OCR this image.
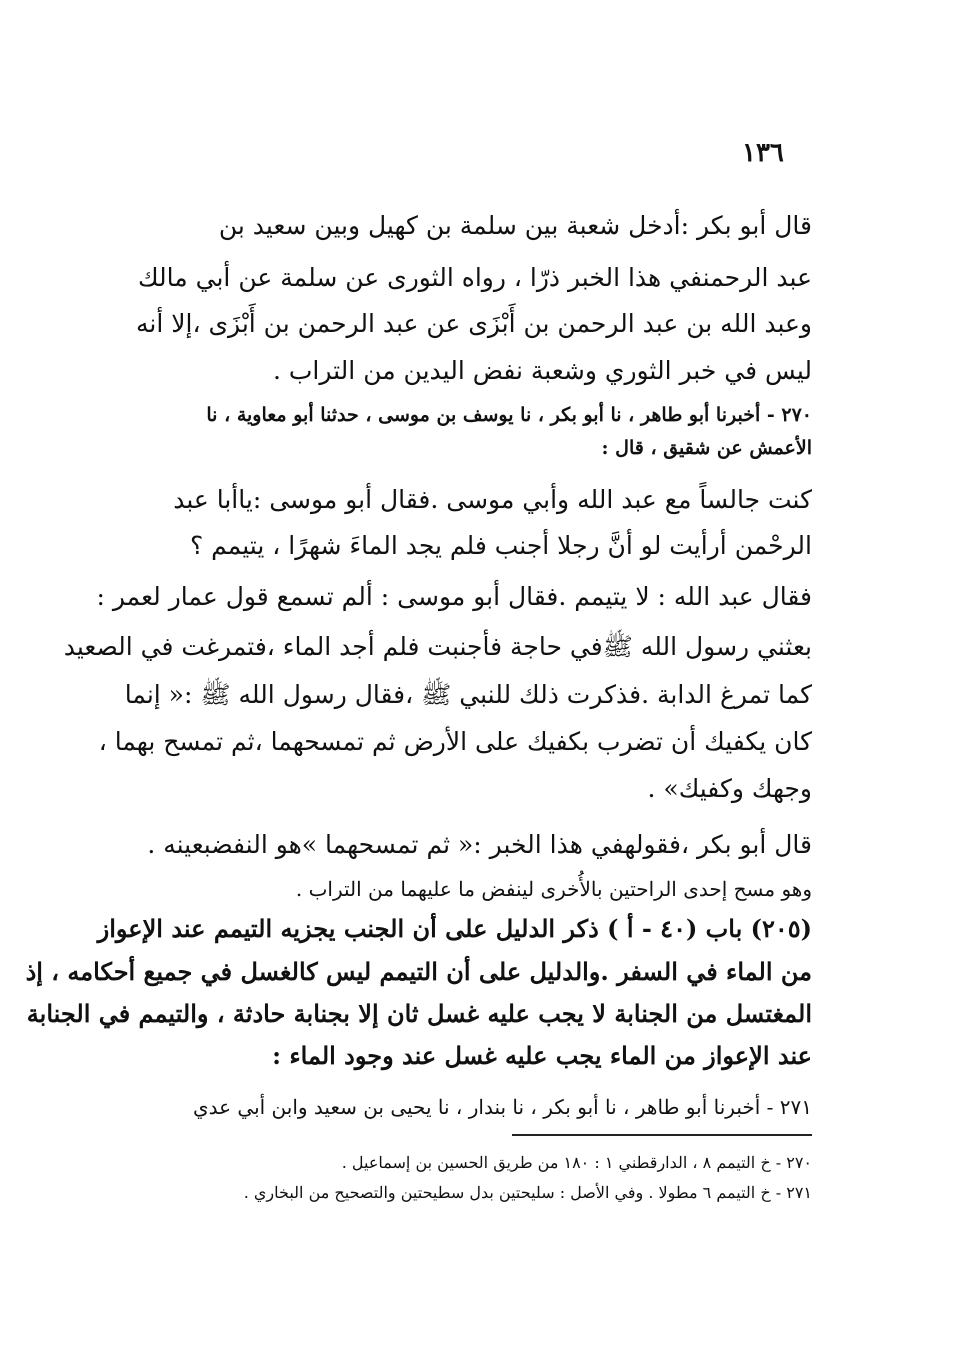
١٣٦
قال أبو بكر :أدخل شعبة بين سلمة بن كهيل وبين سعيد بن
عبد الرحمنفي هذا الخبر ذرّا ، رواه الثورى عن سلمة عن أبي مالك
وعبد الله بن عبد الرحمن بن أَبْزَى عن عبد الرحمن بن أَبْزَى ،إلا أنه
ليس في خبر الثوري وشعبة نفض اليدين من التراب .
٢٧٠ - أخبرنا أبو طاهر ، نا أبو بكر ، نا يوسف بن موسى ، حدثنا أبو معاوية ، نا
الأعمش عن شقيق ، قال :
كنت جالساً مع عبد الله وأبي موسى .فقال أبو موسى :ياأبا عبد
الرحْمن أرأيت لو أنَّ رجلا أجنب فلم يجد الماءَ شهرًا ، يتيمم ؟
فقال عبد الله : لا يتيمم .فقال أبو موسى : ألم تسمع قول عمار لعمر :
بعثني رسول الله ﷺفي حاجة فأجنبت فلم أجد الماء ،فتمرغت في الصعيد
كما تمرغ الدابة .فذكرت ذلك للنبي ﷺ ،فقال رسول الله ﷺ :« إنما
كان يكفيك أن تضرب بكفيك على الأرض ثم تمسحهما ،ثم تمسح بهما ،
وجهك وكفيك» .
قال أبو بكر ،فقولهفي هذا الخبر :« ثم تمسحهما »هو النفضبعينه .
وهو مسح إحدى الراحتين بالأُخرى لينفض ما عليهما من التراب .
(٢٠٥) باب (٤٠ - أ ) ذكر الدليل على أن الجنب يجزيه التيمم عند الإعواز
من الماء في السفر .والدليل على أن التيمم ليس كالغسل في جميع أحكامه ، إذ
المغتسل من الجنابة لا يجب عليه غسل ثان إلا بجنابة حادثة ، والتيمم في الجنابة
عند الإعواز من الماء يجب عليه غسل عند وجود الماء :
٢٧١ - أخبرنا أبو طاهر ، نا أبو بكر ، نا بندار ، نا يحيى بن سعيد وابن أبي عدي
٢٧٠ - خ التيمم ٨ ، الدارقطني ١ : ١٨٠ من طريق الحسين بن إسماعيل .
٢٧١ - خ التيمم ٦ مطولا . وفي الأصل : سليحتين بدل سطيحتين والتصحيح من البخاري .
